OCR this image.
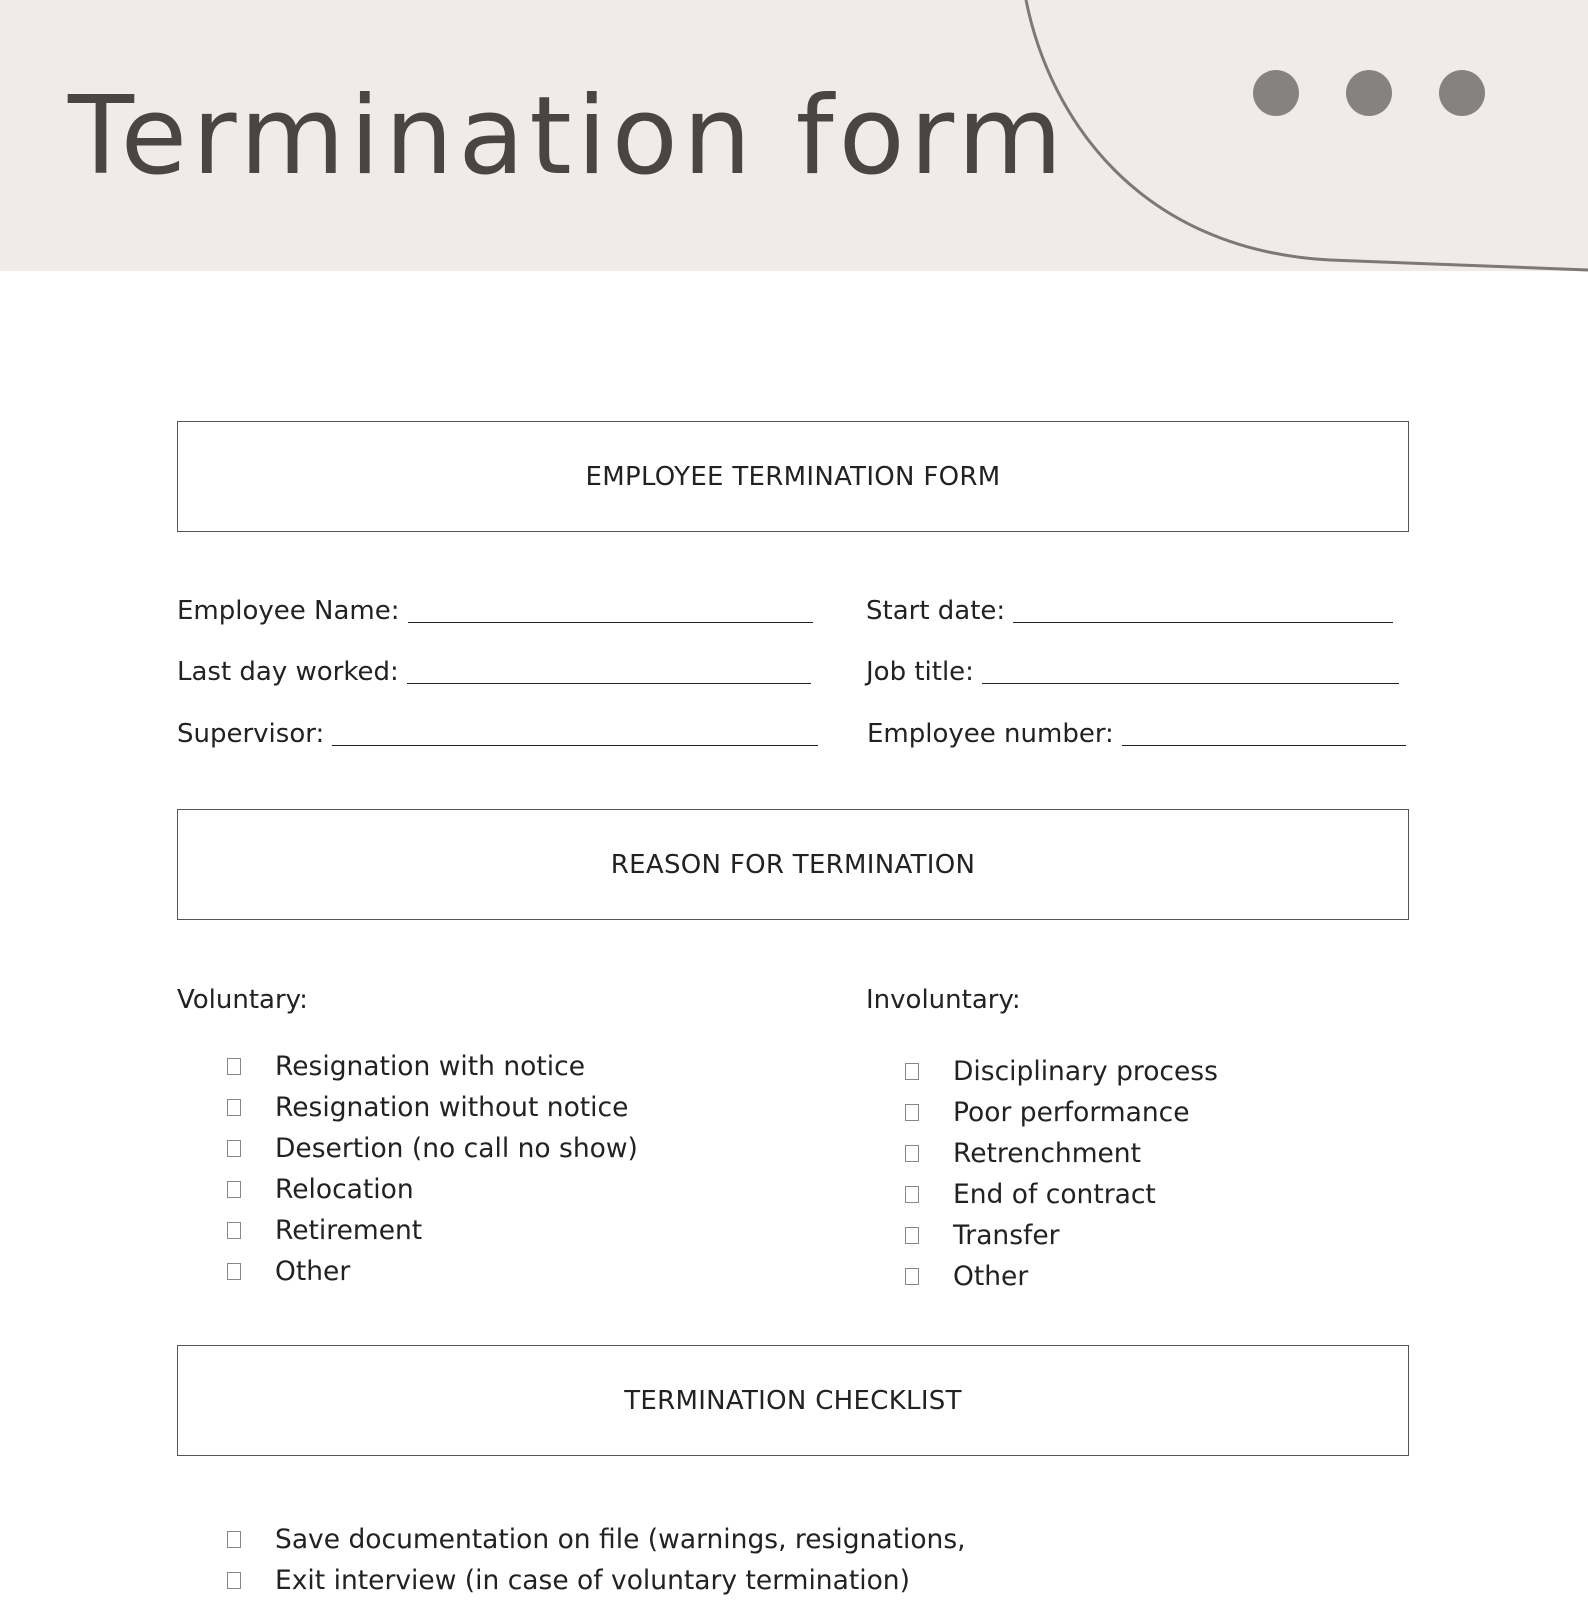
Termination form
EMPLOYEE TERMINATION FORM
Employee Name:	Start date:
Last day worked:	Job title:
Supervisor:	Employee number:
REASON FOR TERMINATION
Voluntary:	Involuntary:
Resignation with notice
Resignation without notice
Desertion (no call no show)
Relocation
Retirement
Other
Disciplinary process
Poor performance
Retrenchment
End of contract
Transfer
Other
TERMINATION CHECKLIST
Save documentation on file (warnings, resignations,
Exit interview (in case of voluntary termination)
